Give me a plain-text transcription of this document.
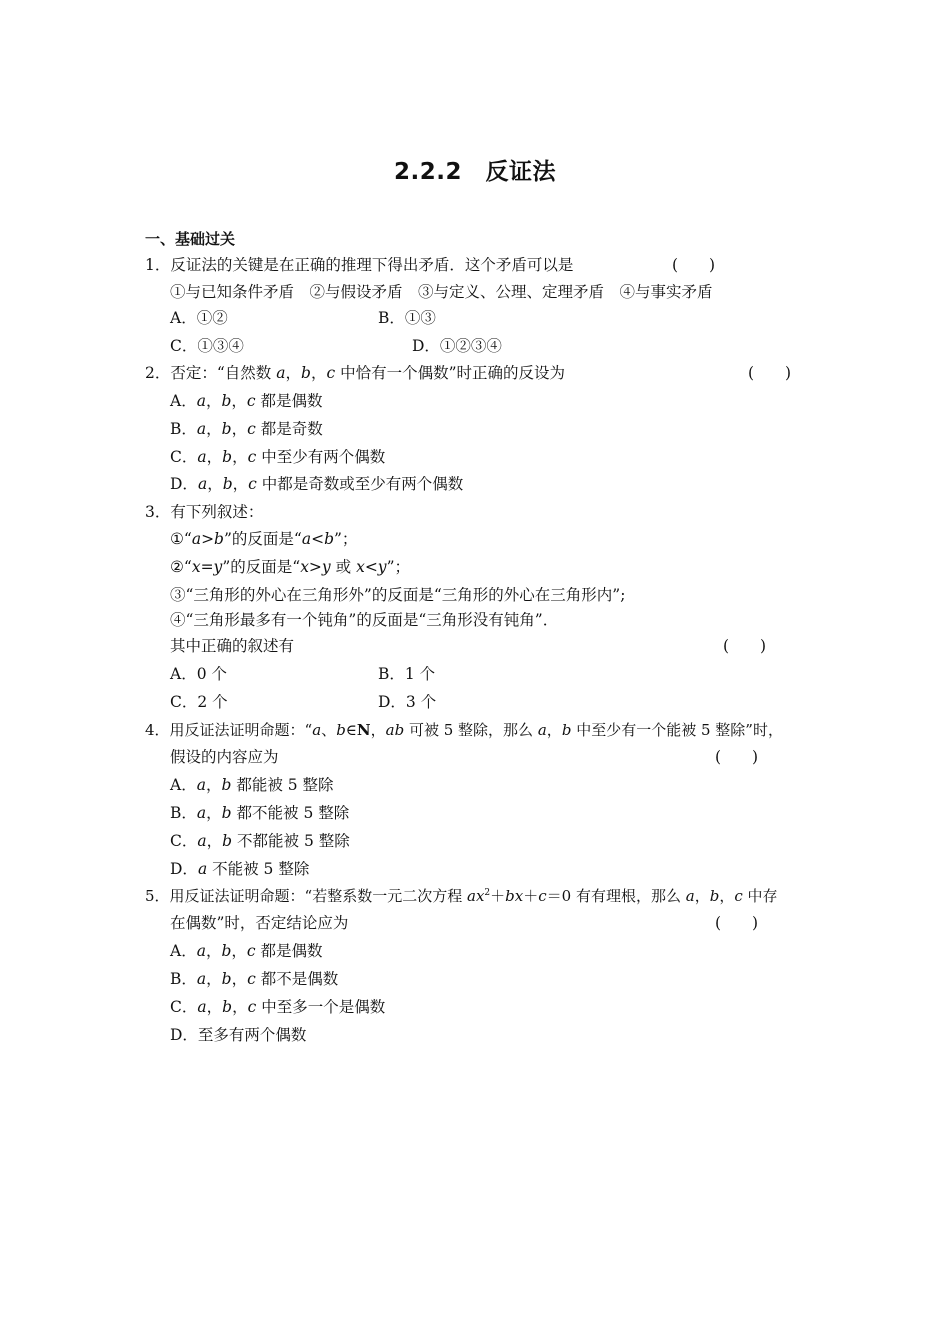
2.2.2　反证法
一、基础过关
1．反证法的关键是在正确的推理下得出矛盾．这个矛盾可以是	(　　)
①与已知条件矛盾　②与假设矛盾　③与定义、公理、定理矛盾　④与事实矛盾
A．①②	B．①③
C．①③④	D．①②③④
2．否定：“自然数 a，b，c 中恰有一个偶数”时正确的反设为	(　　)
A．a，b，c 都是偶数
B．a，b，c 都是奇数
C．a，b，c 中至少有两个偶数
D．a，b，c 中都是奇数或至少有两个偶数
3．有下列叙述：
①“a>b”的反面是“a<b”；
②“x=y”的反面是“x>y 或 x<y”；
③“三角形的外心在三角形外”的反面是“三角形的外心在三角形内”;
④“三角形最多有一个钝角”的反面是“三角形没有钝角”．
其中正确的叙述有	(　　)
A．0 个	B．1 个
C．2 个	D．3 个
4．用反证法证明命题：“a、b∈N，ab 可被 5 整除，那么 a，b 中至少有一个能被 5 整除”时，
假设的内容应为	(　　)
A．a，b 都能被 5 整除
B．a，b 都不能被 5 整除
C．a，b 不都能被 5 整除
D．a 不能被 5 整除
5．用反证法证明命题：“若整系数一元二次方程 $ax^2+bx+c=0$ 有有理根，那么 a，b，c 中存
在偶数”时，否定结论应为	(　　)
A．a，b，c 都是偶数
B．a，b，c 都不是偶数
C．a，b，c 中至多一个是偶数
D．至多有两个偶数
